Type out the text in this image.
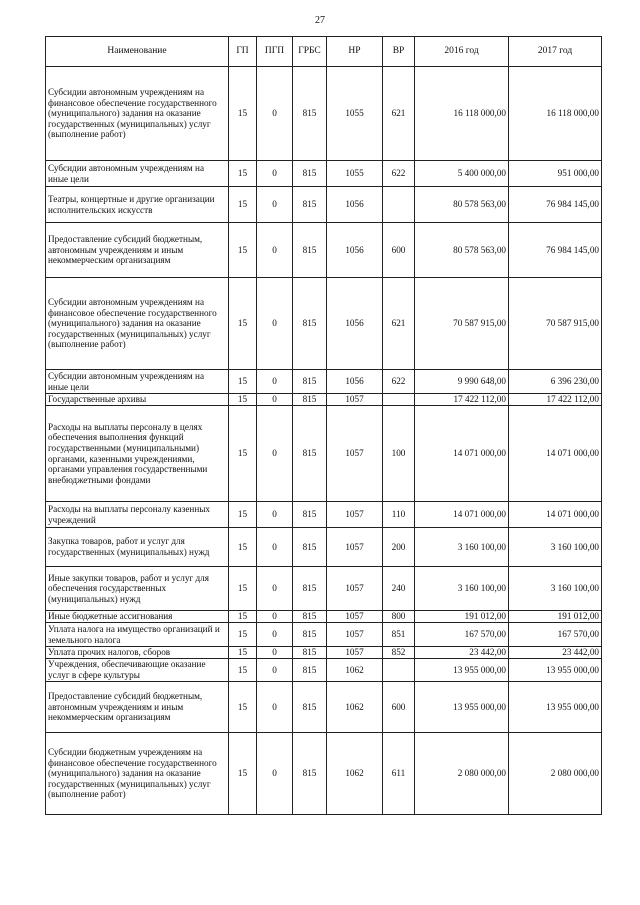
27
Наименование	ГП	ПГП	ГРБС	НР	ВР	2016 год	2017 год
Субсидии автономным учреждениям на финансовое обеспечение государственного (муниципального) задания на оказание государственных (муниципальных) услуг (выполнение работ)	15	0	815	1055	621	16 118 000,00	16 118 000,00
Субсидии автономным учреждениям на иные цели	15	0	815	1055	622	5 400 000,00	951 000,00
Театры, концертные и другие организации исполнительских искусств	15	0	815	1056		80 578 563,00	76 984 145,00
Предоставление субсидий бюджетным, автономным учреждениям и иным некоммерческим организациям	15	0	815	1056	600	80 578 563,00	76 984 145,00
Субсидии автономным учреждениям на финансовое обеспечение государственного (муниципального) задания на оказание государственных (муниципальных) услуг (выполнение работ)	15	0	815	1056	621	70 587 915,00	70 587 915,00
Субсидии автономным учреждениям на иные цели	15	0	815	1056	622	9 990 648,00	6 396 230,00
Государственные архивы	15	0	815	1057		17 422 112,00	17 422 112,00
Расходы на выплаты персоналу в целях обеспечения выполнения функций государственными (муниципальными) органами, казенными учреждениями, органами управления государственными внебюджетными фондами	15	0	815	1057	100	14 071 000,00	14 071 000,00
Расходы на выплаты персоналу казенных учреждений	15	0	815	1057	110	14 071 000,00	14 071 000,00
Закупка товаров, работ и услуг для государственных (муниципальных) нужд	15	0	815	1057	200	3 160 100,00	3 160 100,00
Иные закупки товаров, работ и услуг для обеспечения государственных (муниципальных) нужд	15	0	815	1057	240	3 160 100,00	3 160 100,00
Иные бюджетные ассигнования	15	0	815	1057	800	191 012,00	191 012,00
Уплата налога на имущество организаций и земельного налога	15	0	815	1057	851	167 570,00	167 570,00
Уплата прочих налогов, сборов	15	0	815	1057	852	23 442,00	23 442,00
Учреждения, обеспечивающие оказание услуг в сфере культуры	15	0	815	1062		13 955 000,00	13 955 000,00
Предоставление субсидий бюджетным, автономным учреждениям и иным некоммерческим организациям	15	0	815	1062	600	13 955 000,00	13 955 000,00
Субсидии бюджетным учреждениям на финансовое обеспечение государственного (муниципального) задания на оказание государственных (муниципальных) услуг (выполнение работ)	15	0	815	1062	611	2 080 000,00	2 080 000,00
